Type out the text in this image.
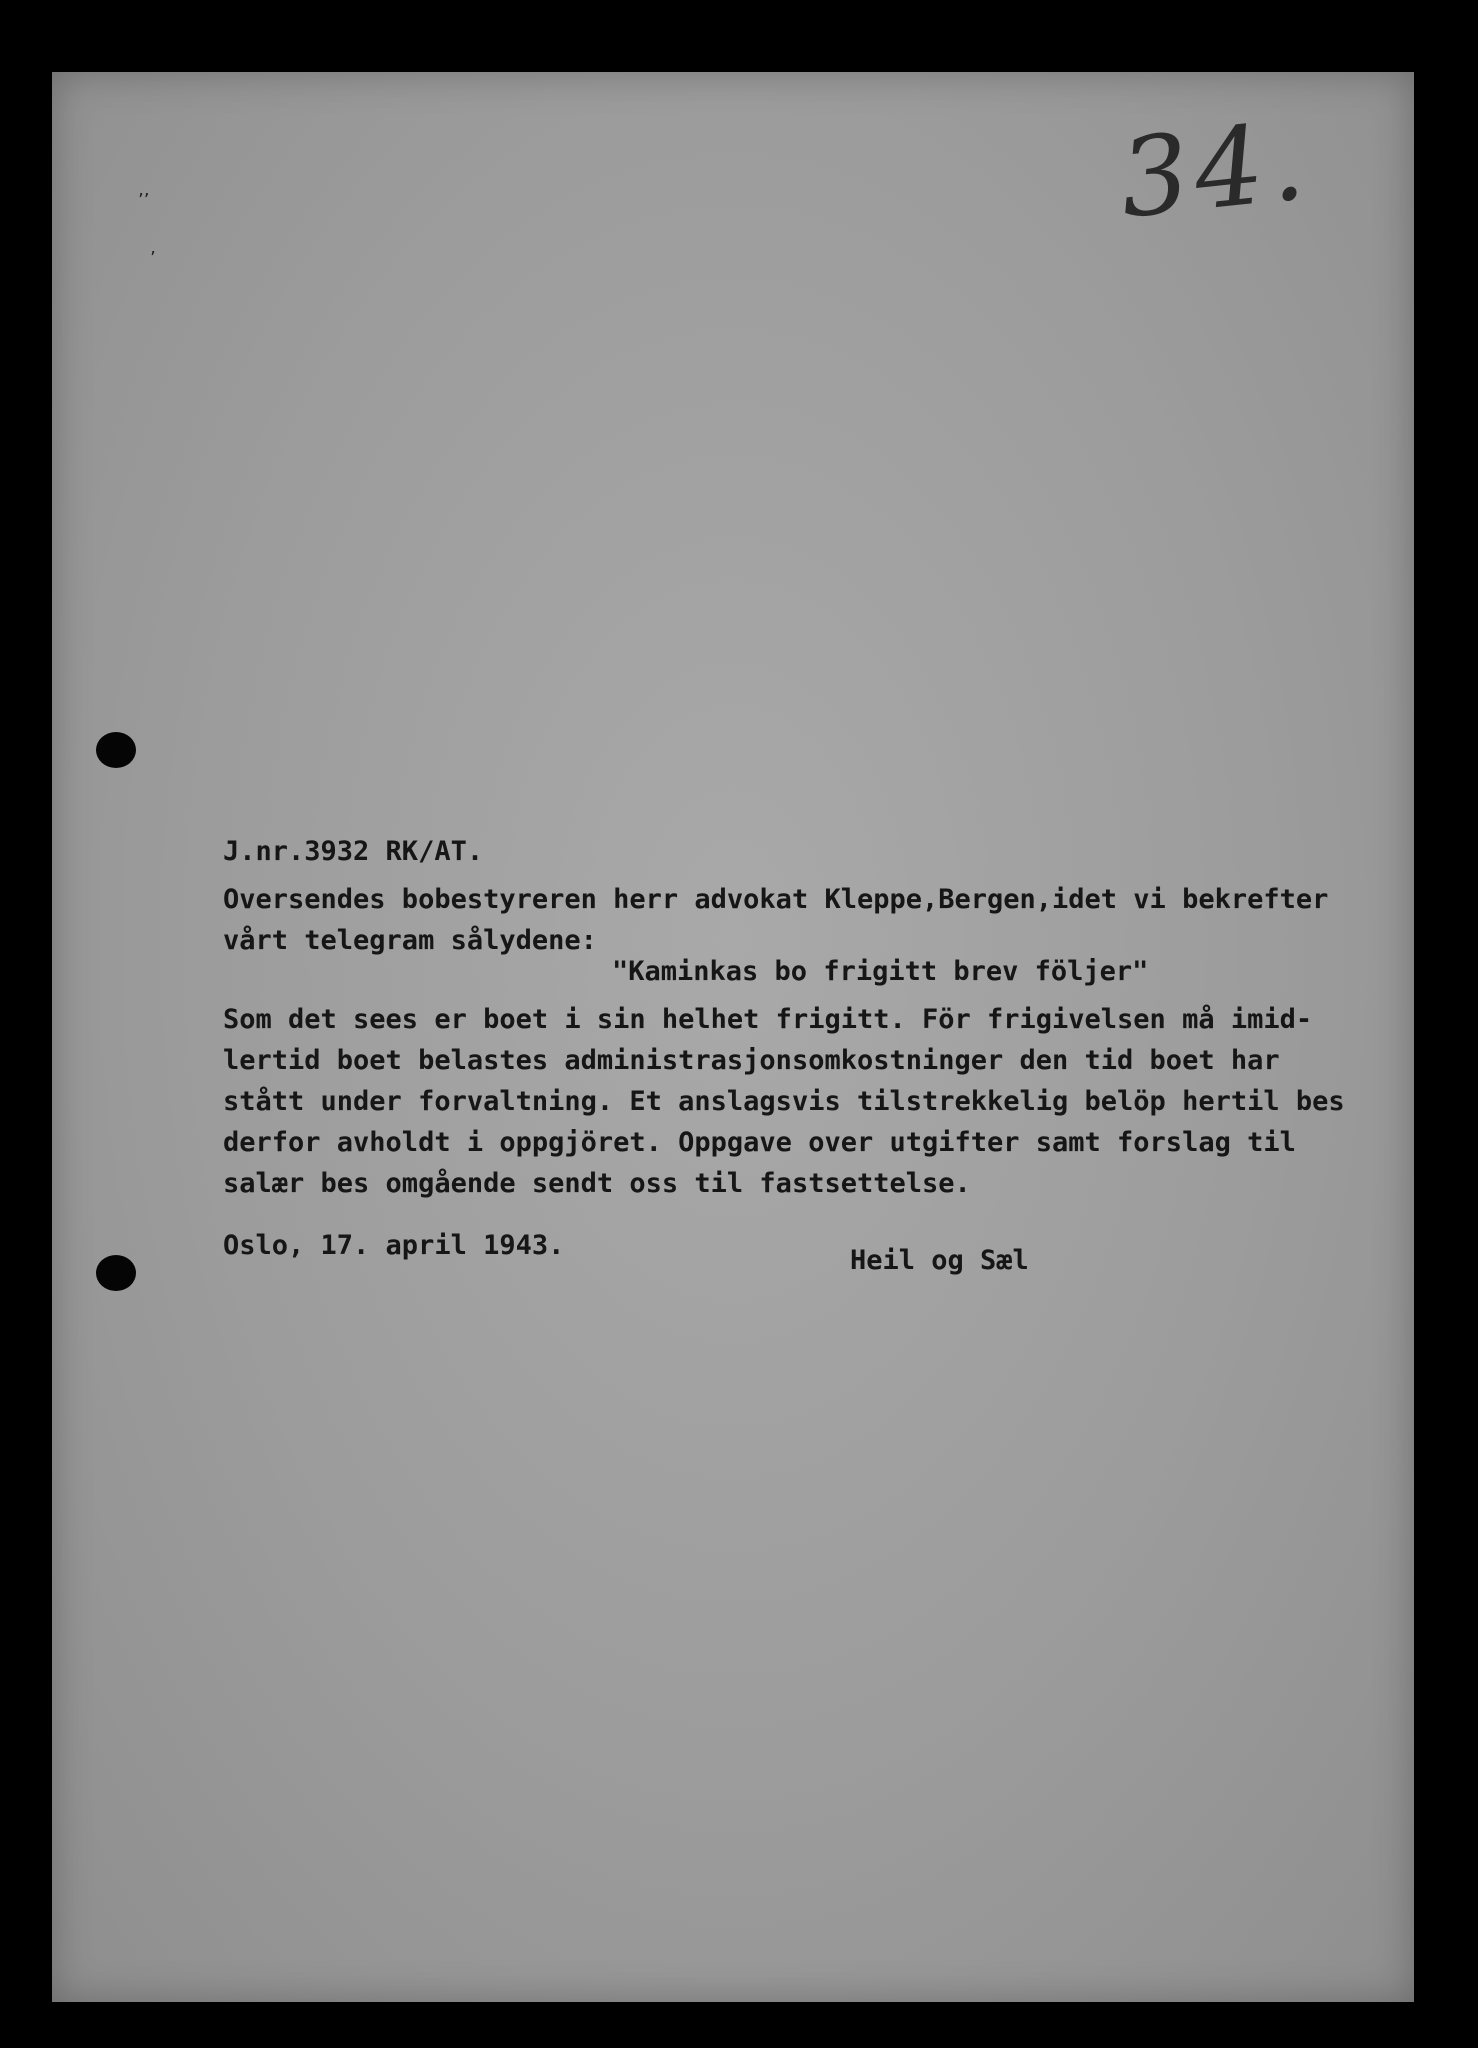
’’
’
34.
J.nr.3932 RK/AT.
Oversendes bobestyreren herr advokat Kleppe,Bergen,idet vi bekrefter
vårt telegram sålydene:
"Kaminkas bo frigitt brev följer"
Som det sees er boet i sin helhet frigitt. För frigivelsen må imid-
lertid boet belastes administrasjonsomkostninger den tid boet har
stått under forvaltning. Et anslagsvis tilstrekkelig belöp hertil bes
derfor avholdt i oppgjöret. Oppgave over utgifter samt forslag til
salær bes omgående sendt oss til fastsettelse.
Oslo, 17. april 1943.	Heil og Sæl
